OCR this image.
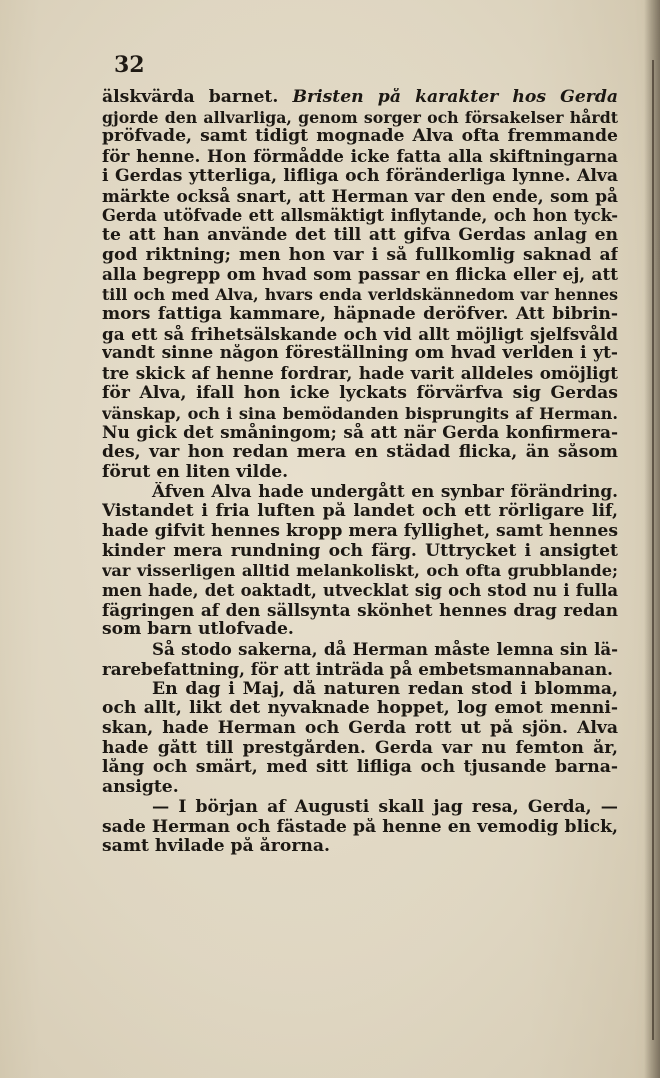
32
älskvärda barnet. Bristen på karakter hos Gerda
gjorde den allvarliga, genom sorger och försakelser hårdt
pröfvade, samt tidigt mognade Alva ofta fremmande
för henne. Hon förmådde icke fatta alla skiftningarna
i Gerdas ytterliga, lifliga och föränderliga lynne. Alva
märkte också snart, att Herman var den ende, som på
Gerda utöfvade ett allsmäktigt inflytande, och hon tyck-
te att han använde det till att gifva Gerdas anlag en
god riktning; men hon var i så fullkomlig saknad af
alla begrepp om hvad som passar en flicka eller ej, att
till och med Alva, hvars enda verldskännedom var hennes
mors fattiga kammare, häpnade deröfver. Att bibrin-
ga ett så frihetsälskande och vid allt möjligt sjelfsvåld
vandt sinne någon föreställning om hvad verlden i yt-
tre skick af henne fordrar, hade varit alldeles omöjligt
för Alva, ifall hon icke lyckats förvärfva sig Gerdas
vänskap, och i sina bemödanden bisprungits af Herman.
Nu gick det småningom; så att när Gerda konfirmera-
des, var hon redan mera en städad flicka, än såsom
förut en liten vilde.
Äfven Alva hade undergått en synbar förändring.
Vistandet i fria luften på landet och ett rörligare lif,
hade gifvit hennes kropp mera fyllighet, samt hennes
kinder mera rundning och färg. Uttrycket i ansigtet
var visserligen alltid melankoliskt, och ofta grubblande;
men hade, det oaktadt, utvecklat sig och stod nu i fulla
fägringen af den sällsynta skönhet hennes drag redan
som barn utlofvade.
Så stodo sakerna, då Herman måste lemna sin lä-
rarebefattning, för att inträda på embetsmannabanan.
En dag i Maj, då naturen redan stod i blomma,
och allt, likt det nyvaknade hoppet, log emot menni-
skan, hade Herman och Gerda rott ut på sjön. Alva
hade gått till prestgården. Gerda var nu femton år,
lång och smärt, med sitt lifliga och tjusande barna-
ansigte.
— I början af Augusti skall jag resa, Gerda, —
sade Herman och fästade på henne en vemodig blick,
samt hvilade på årorna.
